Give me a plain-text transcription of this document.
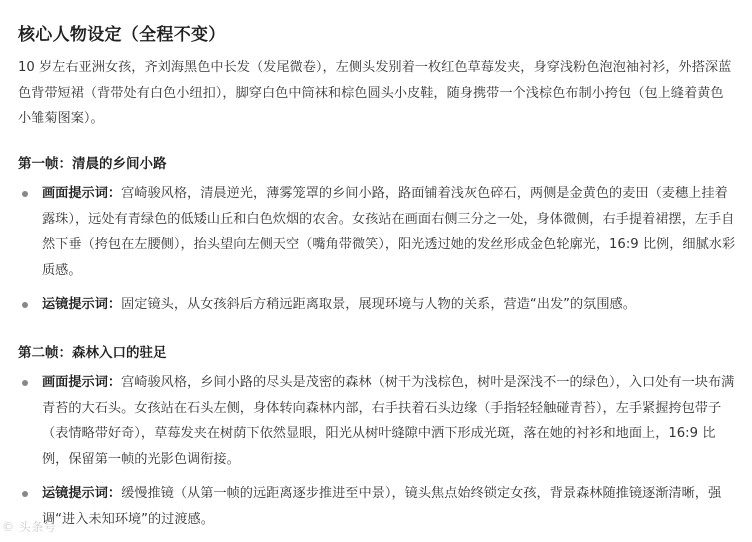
核心人物设定（全程不变）

10 岁左右亚洲女孩，齐刘海黑色中长发（发尾微卷），左侧头发别着一枚红色草莓发夹，身穿浅粉色泡泡袖衬衫，外搭深蓝色背带短裙（背带处有白色小纽扣），脚穿白色中筒袜和棕色圆头小皮鞋，随身携带一个浅棕色布制小挎包（包上缝着黄色小雏菊图案）。

第一帧：清晨的乡间小路
画面提示词：宫崎骏风格，清晨逆光，薄雾笼罩的乡间小路，路面铺着浅灰色碎石，两侧是金黄色的麦田（麦穗上挂着露珠），远处有青绿色的低矮山丘和白色炊烟的农舍。女孩站在画面右侧三分之一处，身体微侧，右手提着裙摆，左手自然下垂（挎包在左腰侧），抬头望向左侧天空（嘴角带微笑），阳光透过她的发丝形成金色轮廓光，16:9 比例，细腻水彩质感。
运镜提示词：固定镜头，从女孩斜后方稍远距离取景，展现环境与人物的关系，营造“出发”的氛围感。
第二帧：森林入口的驻足
画面提示词：宫崎骏风格，乡间小路的尽头是茂密的森林（树干为浅棕色，树叶是深浅不一的绿色），入口处有一块布满青苔的大石头。女孩站在石头左侧，身体转向森林内部，右手扶着石头边缘（手指轻轻触碰青苔），左手紧握挎包带子（表情略带好奇），草莓发夹在树荫下依然显眼，阳光从树叶缝隙中洒下形成光斑，落在她的衬衫和地面上，16:9 比例，保留第一帧的光影色调衔接。
运镜提示词：缓慢推镜（从第一帧的远距离逐步推进至中景），镜头焦点始终锁定女孩，背景森林随推镜逐渐清晰，强调“进入未知环境”的过渡感。
© 头条号
